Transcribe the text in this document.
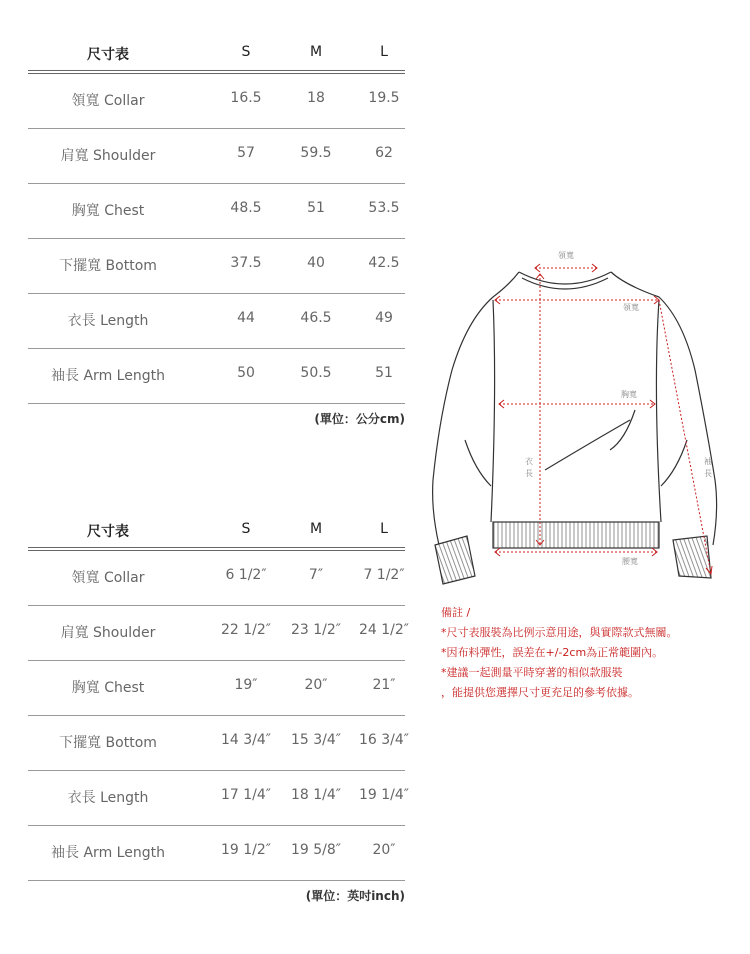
尺寸表	S	M	L
領寬 Collar	16.5	18	19.5
肩寬 Shoulder	57	59.5	62
胸寬 Chest	48.5	51	53.5
下擺寬 Bottom	37.5	40	42.5
衣長 Length	44	46.5	49
袖長 Arm Length	50	50.5	51
(單位：公分cm)
尺寸表	S	M	L
領寬 Collar	6 1/2″	7″	7 1/2″
肩寬 Shoulder	22 1/2″	23 1/2″	24 1/2″
胸寬 Chest	19″	20″	21″
下擺寬 Bottom	14 3/4″	15 3/4″	16 3/4″
衣長 Length	17 1/4″	18 1/4″	19 1/4″
袖長 Arm Length	19 1/2″	19 5/8″	20″
(單位：英吋inch)
領寬
領寬
胸寬
衣
長
袖
長
腰寬
備註 /
*尺寸表服裝為比例示意用途，與實際款式無關。
*因布料彈性，誤差在+/-2cm為正常範圍內。
*建議一起測量平時穿著的相似款服裝
，能提供您選擇尺寸更充足的參考依據。
